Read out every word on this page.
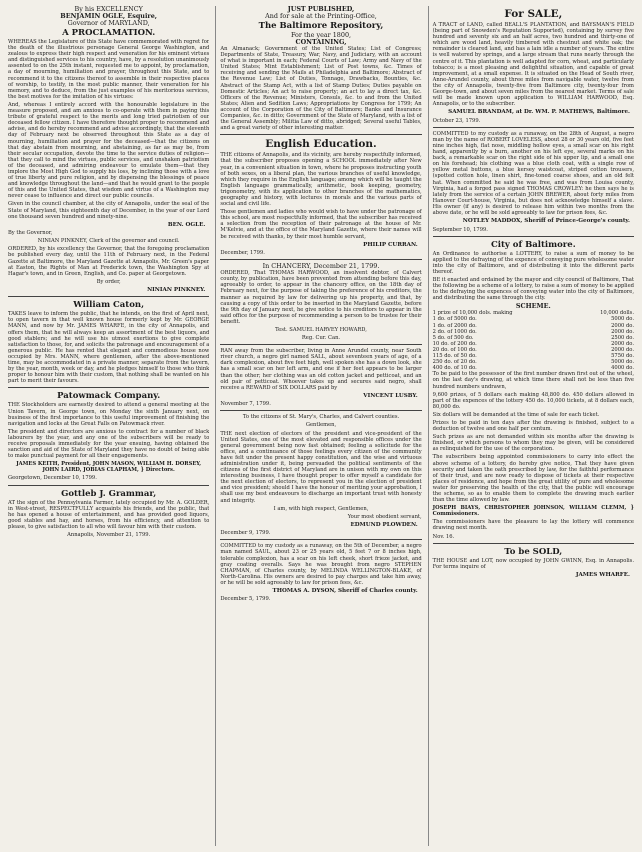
By his EXCELLENCY

BENJAMIN OGLE, Esquire,

Governor of MARYLAND,

A PROCLAMATION.

WHEREAS the Legislature of this State have commemorated with regret for the death of the illustrious personage General George Washington, and zealous to express their high respect and veneration for his eminent virtues and distinguished services to his country, have, by a resolution unanimously assented to on the 25th instant, requested me to appoint, by proclamation, a day of mourning, humiliation and prayer, throughout this State, and to recommend it to the citizens thereof to assemble in their respective places of worship, to testify, in the most public manner, their veneration for his memory, and to deduce, from the just examples of his meritorious services, the best motives for the imitation of his virtues:

And, whereas I entirely accord with the honourable legislature in the measure proposed, and am anxious to co-operate with them in paying this tribute of grateful respect to the merits and long tried patriotism of our deceased fellow citizen. I have therefore thought proper to recommend and advise, and do hereby recommend and advise accordingly, that the eleventh day of February next be observed throughout this State as a day of mourning, humiliation and prayer for the deceased—that the citizens on that day abstain from mourning, and abstaining, as far as may be, from their secular occupation, devote the time to the service duties of religion—that they call to mind the virtues, public services, and unshaken patriotism of the deceased, and admiring endeavour to emulate them—that they implore the Most High God to supply his loss, by inclining those with a love of true liberty and pure religion, and by dispensing the blessings of peace and knowledge throughout the land—and that he would grant to the people of this and the United States, that wisdom and virtue of a Washington may never cease to influence and direct our public councils.

Given in the council chamber, at the city of Annapolis, under the seal of the State of Maryland, this eighteenth day of December, in the year of our Lord one thousand seven hundred and ninety-nine.

BEN. OGLE.

By the Governor,

NINIAN PINKNEY, Clerk of the governor and council.

ORDERED, by his excellency the Governor, that the foregoing proclamation be published every day, until the 11th of February next, in the Federal Gazette at Baltimore, the Maryland Gazette at Annapolis, Mr. Green's paper at Easton, the Rights of Man at Frederick town, the Washington Spy at Hagar's town, and in Green, English, and Co. paper at Georgetown.

By order,

NINIAN PINKNEY.

William Caton,

TAKES leave to inform the public, that he intends, on the first of April next, to open tavern in that well known house formerly kept by Mr. GEORGE MANN, and now by Mr. JAMES WHARFE, in the city of Annapolis, and offers them, that he will always keep an assortment of the best liquors, and good stablers; and he will use his utmost exertions to give complete satisfaction to those, for, and solicits the patronage and encouragement of a generous public. He has rented that elegant and commodious house now occupied by Mrs. MANN, where gentlemen, after the above-mentioned time, may be accommodated in a private manner, separate from the tavern, by the year, month, week or day, and he pledges himself to those who think proper to honour him with their custom, that nothing shall be wanted on his part to merit their favours.

Patowmack Company.

THE Stockholders are earnestly desired to attend a general meeting at the Union Tavern, in George town, on Monday the sixth January next, on business of the first importance to this useful improvement of finishing the navigation and locks at the Great Falls on Patowmack river.

The president and directors are anxious to contract for a number of black labourers by the year, and any one of the subscribers will be ready to receive proposals immediately for the year ensuing, having obtained the sanction and aid of the State of Maryland they have no doubt of being able to make punctual payment for all their engagements.

JAMES KEITH, President, JOHN MASON, WILLIAM H. DORSEY, JOHN LAIRD, JOBIAS CLAPHAM, } Directors.

Georgetown, December 10, 1799.

Gottleb J. Grammar,

AT the sign of the Pennsylvania Farmer, lately occupied by Mr. A. GOLDER, in West-street, RESPECTFULLY acquaints his friends, and the public, that he has opened a house of entertainment, and has provided good liquors, good stables and hay, and horses, from his efficiency, and attention to please, to give satisfaction to all who will favour him with their custom.

Annapolis, November 21, 1799.

JUST PUBLISHED,

And for sale at the Printing-Office,

The Baltimore Repository,

For the year 1800,

CONTAINING,

An Almanack; Government of the United States; List of Congress; Departments of State, Treasury, War, Navy, and Judiciary, with an account of what is important in each; Federal Courts of Law; Army and Navy of the United States; Mint Establishment; List of Post towns, &c. Times of receiving and sending the Mails at Philadelphia and Baltimore; Abstract of the Revenue Law; List of Duties, Tonnage, Drawbacks, Bounties, &c. Abstract of the Stamp Act, with a list of Stamp Duties; Duties payable on Domestic Articles; An act to raise property; an act to lay a direct tax, &c. Officers of the Revenue; Ministers, Consuls, &c. to and from the United States; Alien and Sedition Laws; Appropriations by Congress for 1799; An account of the Corporation of the City of Baltimore; Banks and Insurance Companies, &c. in ditto; Government of the State of Maryland, with a list of the General Assembly; Militia Law of ditto, abridged; Several useful Tables, and a great variety of other interesting matter.

English Education.

THE citizens of Annapolis, and its vicinity, are hereby respectfully informed, that the subscriber proposes opening a SCHOOL immediately after New year, in a convenient situation in town, where he proposes instructing youth of both sexes, on a liberal plan, the various branches of useful knowledge, which they require in the English language; among which will be taught the English language grammatically, arithmetic, book keeping, geometry, trigonometry, with its application to other branches of the mathematics, geography and history, with lectures in morals and the various parts of social and civil life.

Those gentlemen and ladies who would wish to have under the patronage of this school, are most respectfully informed, that the subscriber has received a selection from the reception of their patronage at the house of Mr. M'Kelvie, and at the office of the Maryland Gazette, where their names will be received with thanks, by their most humble servant,

PHILIP CURRAN.

December, 1799.

In CHANCERY, December 21, 1799.

ORDERED, That THOMAS HARWOOD, an insolvent debtor, of Calvert county, by publication, have been prevented from attending before this day, agreeably to order, to appear in the chancery office, on the 18th day of February next, for the purpose of taking the preference of his creditors, the manner as required by law for delivering up his property, and that, by causing a copy of this order to be inserted in the Maryland Gazette, before the 9th day of January next, he give notice to his creditors to appear in the said office for the purpose of recommending a person to be trustee for their benefit.

Test. SAMUEL HARVEY HOWARD,

Reg. Cur. Can.

RAN away from the subscriber, living in Anne Arundel county, near South river church, a negro girl named SALL, about seventeen years of age, of a dark complexion, about five feet high, well spoken she has a down look, she has a small scar on her left arm, and one if her feet appears to be larger than the other; her clothing was an old cotton jacket and petticoat, and an old pair of petticoat. Whoever takes up and secures said negro, shall receive a REWARD of SIX DOLLARS paid by

VINCENT LUSBY.

November 7, 1799.

To the citizens of St. Mary's, Charles, and Calvert counties.

Gentlemen,

THE next election of electors of the president and vice-president of the United States, one of the most elevated and responsible offices under the general government being now fast obtained; feeling a solicitude for the office, and a continuance of those feelings every citizen of the community have felt under the present happy constitution, and the wise and virtuous administration under it, being persuaded the political sentiments of the citizens of the first district of Maryland are in unison with my own on this interesting business, I have thought proper to offer myself a candidate for the next election of electors, to represent you in the election of president and vice president; should I have the honour of meriting your approbation, I shall use my best endeavours to discharge an important trust with honesty and integrity.

I am, with high respect, Gentlemen,

Your most obedient servant,

EDMUND PLOWDEN.

December 9, 1799.

COMMITTED to my custody as a runaway, on the 5th of December, a negro man named SAUL, about 23 or 25 years old, 5 feet 7 or 8 inches high, tolerable complexion, has a scar on his left cheek, short frieze jacket, and gray coating overalls. Says he was brought from negro STEPHEN CHAPMAN, of Charles county, by MELINDA WELLINGTON-BLAKE, of North-Carolina. His owners are desired to pay charges and take him away, or he will be sold agreeably to law for prison fees, &c.

THOMAS A. DYSON, Sheriff of Charles county.

December 5, 1799.

For SALE,

A TRACT of LAND, called BEALL'S PLANTATION, and BAYSMAN'S FIELD (being part of Snowden's Reputation Supported), containing by survey five hundred and seventy six and an half acres, two hundred and thirty-one of which are wood land, heavily timbered with chestnut and white oak; the remainder is cleared land, and has a lain idle a number of years. The entire is well watered by springs, and a large stream that runs nearly through the centre of it. This plantation is well adapted for corn, wheat, and particularly tobacco; is a most pleasing and delightful situation, and capable of great improvement, at a small expense. It is situated on the Head of South river, Anne-Arundel county, about three miles from navigable water, twelve from the city of Annapolis, twenty-five from Baltimore city, twenty-four from George-town, and about seven miles from the nearest market. Terms of sale will be made known upon application to WILLIAM HARWOOD, Esq. Annapolis, or to the subscriber.

SAMUEL BRANDAM, at Dr. WM. P. MATHEWS, Baltimore.

October 23, 1799.

COMMITTED to my custody as a runaway, on the 28th of August, a negro man by the name of ROBERT LOVELESS, about 28 or 30 years old, five feet nine inches high, flat nose, middling hollow eyes, a small scar on his right hand, apparently by a burn, another on his left eye, several marks on his back, a remarkable scar on the right side of his upper lip, and a small one on his forehead; his clothing was a blue cloth coat, with a single row of yellow metal buttons, a blue kersey waistcoat, striped cotton trousers, (spotted cotton hole, linen shirt, fine-toned coarse shoes, and an old felt hat. When committed he said he was free, and was from Louisa county, Virginia, had a forged pass signed THOMAS CROWLEY: he then says he is lately from the service of a certain JOHN BREWER, about forty miles from Hanover Court-house, Virginia, but does not acknowledge himself a slave. His owner (if any) is desired to release him within two months from the above date, or he will be sold agreeably to law for prison fees, &c.

NOTLEY MADDOX, Sheriff of Prince-George's county.

September 10, 1799.

City of Baltimore.

An Ordinance to authorise a LOTTERY, to raise a sum of money to be applied to the defraying of the expence of conveying pure wholesome water into the city of Baltimore, and of distributing it into the different parts thereof.

BE it enacted and ordained by the mayor and city council of Baltimore, That the following be a scheme of a lottery, to raise a sum of money to be applied to the defraying the expences of conveying water into the city of Baltimore, and distributing the same through the city.

SCHEME.

1 prize of 10,000 dols. making	10,000 dolls.
1 do. of 5000 do.	5000 do.
1 do. of 2000 do.	2000 do.
2 do. of 1000 do.	2000 do.
5 do. of 500 do.	2500 do.
10 do. of 200 do.	2000 do.
20 do. of 100 do.	2000 do.
115 do. of 50 do.	5750 do.
250 do. of 20 do.	5000 do.
400 do. of 10 do.	4000 do.

To be paid to the possessor of the first number drawn first out of the wheel, on the last day's drawing, at which time there shall not be less than five hundred numbers undrawn,

9,600 prizes, of 5 dollars each making 48,800 do. 450 dollars allowed in part of the expences of the lottery 450 do. 10,000 tickets, at 8 dollars each, 80,000 do.

Six dollars will be demanded at the time of sale for each ticket.

Prizes to be paid in ten days after the drawing is finished, subject to a deduction of twelve and one half per centum.

Such prizes as are not demanded within six months after the drawing is finished, or which persons to whom they may be given, will be considered as relinquished for the use of the corporation.

The subscribers being appointed commissioners to carry into effect the above scheme of a lottery, do hereby give notice, That they have given security and taken the oath prescribed by law, for the faithful performance of their trust, and are now ready to dispose of tickets at their respective places of residence, and hope from the great utility of pure and wholesome water for preserving the health of the city, that the public will encourage the scheme, so as to enable them to complete the drawing much earlier than the time allowed by law.

JOSEPH BIAYS, CHRISTOPHER JOHNSON, WILLIAM CLEMM, } Commissioners.

The commissioners have the pleasure to lay the lottery will commence drawing next month.

Nov. 16.

To be SOLD,

THE HOUSE and LOT, now occupied by JOHN GWINN, Esq. in Annapolis. For terms inquire of

JAMES WHARFE.
